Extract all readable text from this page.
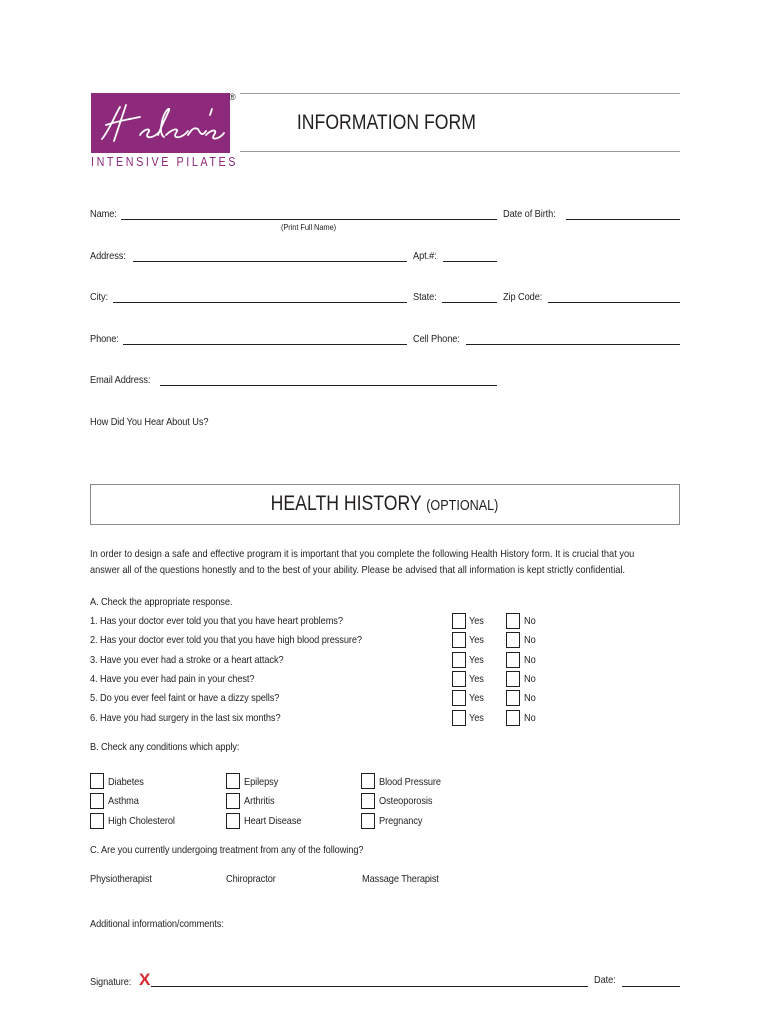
®
INTENSIVE PILATES
INFORMATION FORM
Name:
(Print Full Name)
Date of Birth:
Address:	Apt.#:
City:	State:	Zip Code:
Phone:	Cell Phone:
Email Address:
How Did You Hear About Us?
HEALTH HISTORY (OPTIONAL)
In order to design a safe and effective program it is important that you complete the following Health History form. It is crucial that you
answer all of the questions honestly and to the best of your ability. Please be advised that all information is kept strictly confidential.
A. Check the appropriate response.
1. Has your doctor ever told you that you have heart problems?	Yes	No
2. Has your doctor ever told you that you have high blood pressure?	Yes	No
3. Have you ever had a stroke or a heart attack?	Yes	No
4. Have you ever had pain in your chest?	Yes	No
5. Do you ever feel faint or have a dizzy spells?	Yes	No
6. Have you had surgery in the last six months?	Yes	No
B. Check any conditions which apply:
Diabetes	Epilepsy	Blood Pressure
Asthma	Arthritis	Osteoporosis
High Cholesterol	Heart Disease	Pregnancy
C. Are you currently undergoing treatment from any of the following?
Physiotherapist	Chiropractor	Massage Therapist
Additional information/comments:
Signature: X	Date:
